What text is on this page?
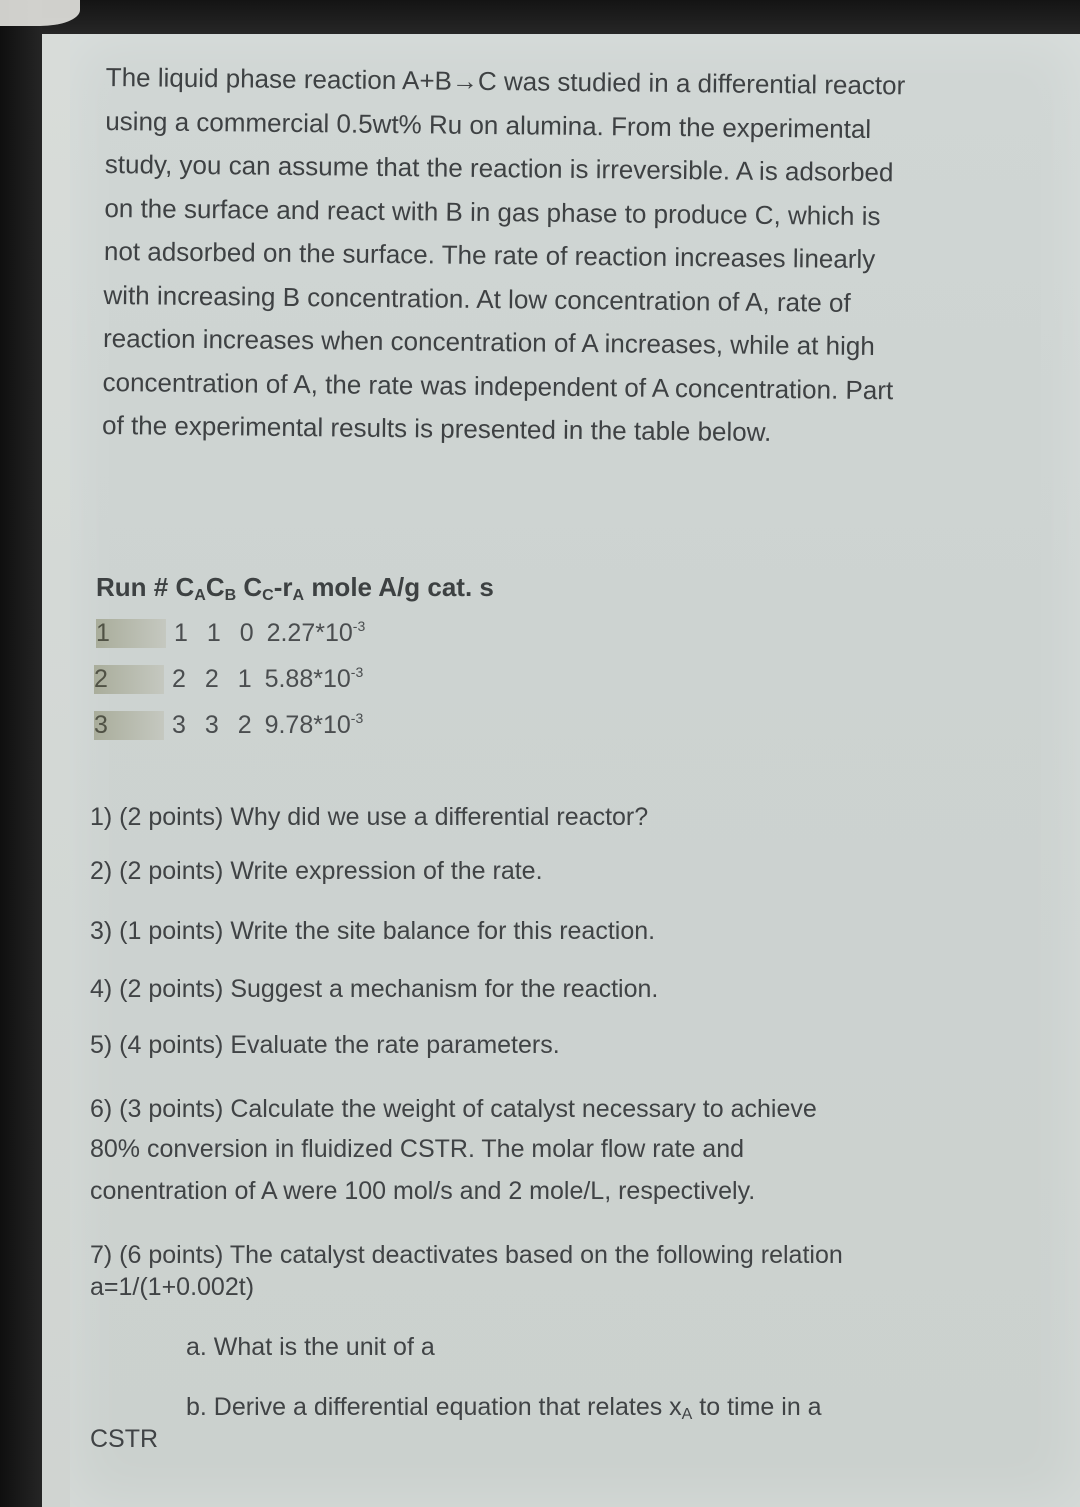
The liquid phase reaction A+B→C was studied in a differential reactor
using a commercial 0.5wt% Ru on alumina. From the experimental
study, you can assume that the reaction is irreversible. A is adsorbed
on the surface and react with B in gas phase to produce C, which is
not adsorbed on the surface. The rate of reaction increases linearly
with increasing B concentration. At low concentration of A, rate of
reaction increases when concentration of A increases, while at high
concentration of A, the rate was independent of A concentration. Part
of the experimental results is presented in the table below.
Run # $C_AC_B$ $C_C-r_A$ mole A/g cat. s
1	1 1 0 $2.27*10^{-3}$
2	2 2 1 $5.88*10^{-3}$
3	3 3 2 $9.78*10^{-3}$
1) (2 points) Why did we use a differential reactor?
2) (2 points) Write expression of the rate.
3) (1 points) Write the site balance for this reaction.
4) (2 points) Suggest a mechanism for the reaction.
5) (4 points) Evaluate the rate parameters.
6) (3 points) Calculate the weight of catalyst necessary to achieve
80% conversion in fluidized CSTR. The molar flow rate and
conentration of A were 100 mol/s and 2 mole/L, respectively.
7) (6 points) The catalyst deactivates based on the following relation
a=1/(1+0.002t)
a. What is the unit of a
b. Derive a differential equation that relates $x_A$ to time in a
CSTR
